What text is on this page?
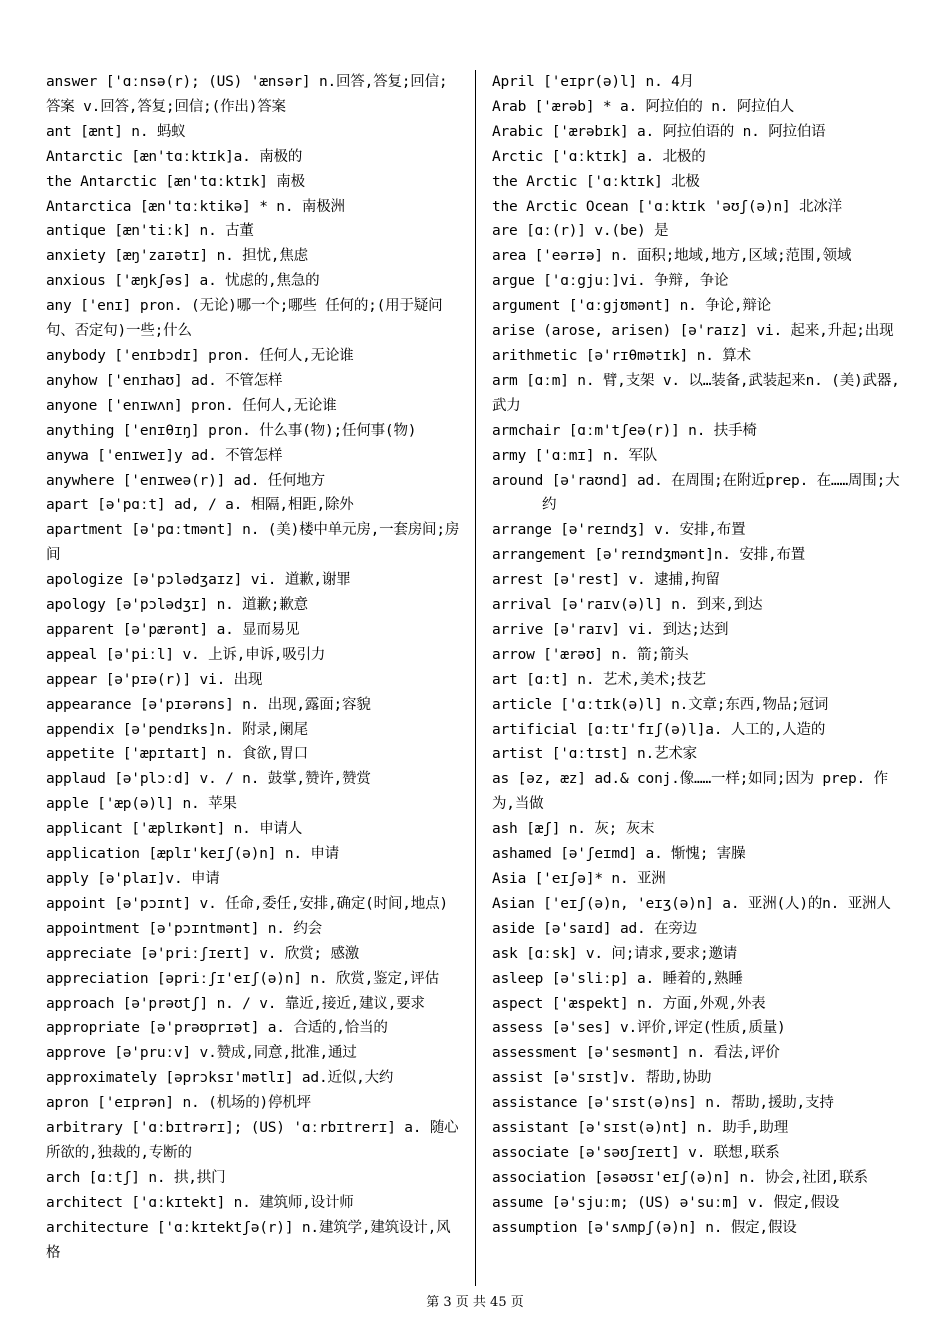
answer ['ɑːnsə(r); (US) 'ænsər] n.回答,答复;回信;答案 v.回答,答复;回信;(作出)答案
ant [ænt] n. 蚂蚁
Antarctic [æn'tɑːktɪk]a. 南极的
the Antarctic [æn'tɑːktɪk] 南极
Antarctica [æn'tɑːktikə] * n. 南极洲
antique [æn'tiːk] n. 古董
anxiety [æŋ'zaɪətɪ] n. 担忧,焦虑
anxious ['æŋkʃəs] a. 忧虑的,焦急的
any ['enɪ] pron. (无论)哪一个;哪些 任何的;(用于疑问句、否定句)一些;什么
anybody ['enɪbɔdɪ] pron. 任何人,无论谁
anyhow ['enɪhaʊ] ad. 不管怎样
anyone ['enɪwʌn] pron. 任何人,无论谁
anything ['enɪθɪŋ] pron. 什么事(物);任何事(物)
anywa ['enɪweɪ]y ad. 不管怎样
anywhere ['enɪweə(r)] ad. 任何地方
apart [ə'pɑːt] ad, / a. 相隔,相距,除外
apartment [ə'pɑːtmənt] n. (美)楼中单元房,一套房间;房间
apologize [ə'pɔlədʒaɪz] vi. 道歉,谢罪
apology [ə'pɔlədʒɪ] n. 道歉;歉意
apparent [ə'pærənt] a. 显而易见
appeal [ə'piːl] v. 上诉,申诉,吸引力
appear [ə'pɪə(r)] vi. 出现
appearance [ə'pɪərəns] n. 出现,露面;容貌
appendix [ə'pendɪks]n. 附录,阑尾
appetite ['æpɪtaɪt] n. 食欲,胃口
applaud [ə'plɔːd] v. / n. 鼓掌,赞许,赞赏
apple ['æp(ə)l] n. 苹果
applicant ['æplɪkənt] n. 申请人
application [æplɪ'keɪʃ(ə)n] n. 申请
apply [ə'plaɪ]v. 申请
appoint [ə'pɔɪnt] v. 任命,委任,安排,确定(时间,地点)
appointment [ə'pɔɪntmənt] n. 约会
appreciate [ə'priːʃɪeɪt] v. 欣赏; 感激
appreciation [əpriːʃɪ'eɪʃ(ə)n] n. 欣赏,鉴定,评估
approach [ə'prəʊtʃ] n. / v. 靠近,接近,建议,要求
appropriate [ə'prəʊprɪət] a. 合适的,恰当的
approve [ə'pruːv] v.赞成,同意,批准,通过
approximately [əprɔksɪ'mətlɪ] ad.近似,大约
apron ['eɪprən] n. (机场的)停机坪
arbitrary ['ɑːbɪtrərɪ]; (US) 'ɑːrbɪtrerɪ] a. 随心所欲的,独裁的,专断的
arch [ɑːtʃ] n. 拱,拱门
architect ['ɑːkɪtekt] n. 建筑师,设计师
architecture ['ɑːkɪtektʃə(r)] n.建筑学,建筑设计,风格
April ['eɪpr(ə)l] n. 4月
Arab ['ærəb] * a. 阿拉伯的 n. 阿拉伯人
Arabic ['ærəbɪk] a. 阿拉伯语的 n. 阿拉伯语
Arctic ['ɑːktɪk] a. 北极的
the Arctic ['ɑːktɪk] 北极
the Arctic Ocean ['ɑːktɪk 'əʊʃ(ə)n] 北冰洋
are [ɑː(r)] v.(be) 是
area ['eərɪə] n. 面积;地域,地方,区域;范围,领域
argue ['ɑːgjuː]vi. 争辩, 争论
argument ['ɑːgjʊmənt] n. 争论,辩论
arise (arose, arisen) [ə'raɪz] vi. 起来,升起;出现
arithmetic [ə'rɪθmətɪk] n. 算术
arm [ɑːm] n. 臂,支架 v. 以…装备,武装起来n. (美)武器,武力
armchair [ɑːm'tʃeə(r)] n. 扶手椅
army ['ɑːmɪ] n. 军队
around [ə'raʊnd] ad. 在周围;在附近prep. 在……周围;大约
arrange [ə'reɪndʒ] v. 安排,布置
arrangement [ə'reɪndʒmənt]n. 安排,布置
arrest [ə'rest] v. 逮捕,拘留
arrival [ə'raɪv(ə)l] n. 到来,到达
arrive [ə'raɪv] vi. 到达;达到
arrow ['ærəʊ] n. 箭;箭头
art [ɑːt] n. 艺术,美术;技艺
article ['ɑːtɪk(ə)l] n.文章;东西,物品;冠词
artificial [ɑːtɪ'fɪʃ(ə)l]a. 人工的,人造的
artist ['ɑːtɪst] n.艺术家
as [əz, æz] ad.& conj.像……一样;如同;因为 prep. 作为,当做
ash [æʃ] n. 灰; 灰末
ashamed [ə'ʃeɪmd] a. 惭愧; 害臊
Asia ['eɪʃə]* n. 亚洲
Asian ['eɪʃ(ə)n, 'eɪʒ(ə)n] a. 亚洲(人)的n. 亚洲人
aside [ə'saɪd] ad. 在旁边
ask [ɑːsk] v. 问;请求,要求;邀请
asleep [ə'sliːp] a. 睡着的,熟睡
aspect ['æspekt] n. 方面,外观,外表
assess [ə'ses] v.评价,评定(性质,质量)
assessment [ə'sesmənt] n. 看法,评价
assist [ə'sɪst]v. 帮助,协助
assistance [ə'sɪst(ə)ns] n. 帮助,援助,支持
assistant [ə'sɪst(ə)nt] n. 助手,助理
associate [ə'səʊʃɪeɪt] v. 联想,联系
association [əsəʊsɪ'eɪʃ(ə)n] n. 协会,社团,联系
assume [ə'sjuːm; (US) ə'suːm] v. 假定,假设
assumption [ə'sʌmpʃ(ə)n] n. 假定,假设
第 3 页 共 45 页
